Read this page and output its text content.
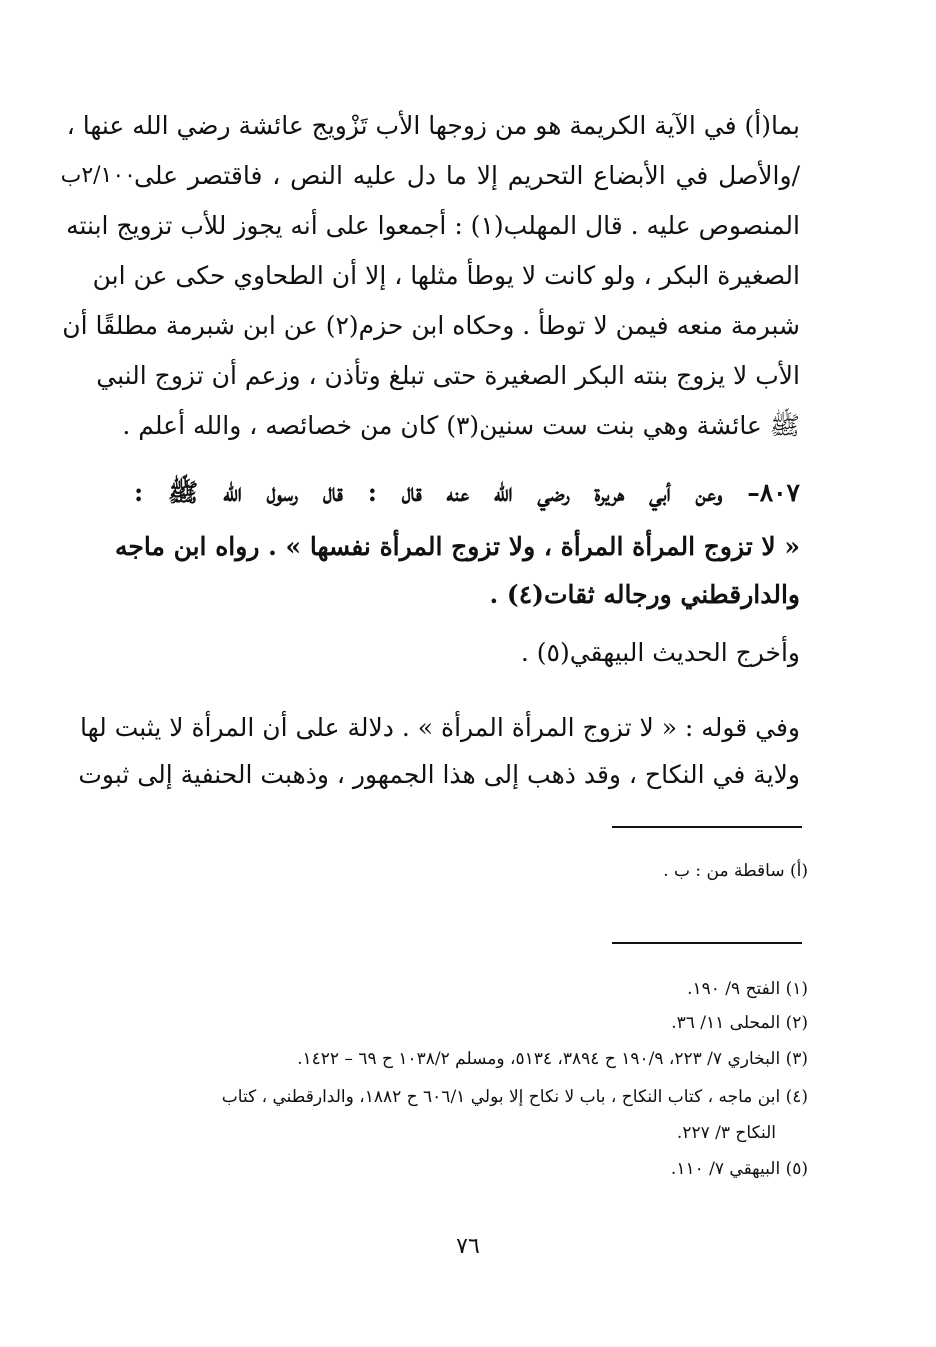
٢/١٠٠ب
بما(أ) في الآية الكريمة هو من زوجها الأب تَزْويج عائشة رضي الله عنها ،
/والأصل في الأبضاع التحريم إلا ما دل عليه النص ، فاقتصر على
المنصوص عليه . قال المهلب(١) : أجمعوا على أنه يجوز للأب تزويج ابنته
الصغيرة البكر ، ولو كانت لا يوطأ مثلها ، إلا أن الطحاوي حكى عن ابن
شبرمة منعه فيمن لا توطأ . وحكاه ابن حزم(٢) عن ابن شبرمة مطلقًا أن
الأب لا يزوج بنته البكر الصغيرة حتى تبلغ وتأذن ، وزعم أن تزوج النبي
ﷺ عائشة وهي بنت ست سنين(٣) كان من خصائصه ، والله أعلم .
٨٠٧– وعن أبي هريرة رضي الله عنه قال : قال رسول الله ﷺ :
« لا تزوج المرأة المرأة ، ولا تزوج المرأة نفسها » . رواه ابن ماجه
والدارقطني ورجاله ثقات(٤) .
وأخرج الحديث البيهقي(٥) .
وفي قوله : « لا تزوج المرأة المرأة » . دلالة على أن المرأة لا يثبت لها
ولاية في النكاح ، وقد ذهب إلى هذا الجمهور ، وذهبت الحنفية إلى ثبوت
(أ) ساقطة من : ب .
(١) الفتح ٩/ ١٩٠.
(٢) المحلى ١١/ ٣٦.
(٣) البخاري ٧/ ٢٢٣، ١٩٠/٩ ح ٣٨٩٤، ٥١٣٤، ومسلم ١٠٣٨/٢ ح ٦٩ – ١٤٢٢.
(٤) ابن ماجه ، كتاب النكاح ، باب لا نكاح إلا بولي ٦٠٦/١ ح ١٨٨٢، والدارقطني ، كتاب
النكاح ٣/ ٢٢٧.
(٥) البيهقي ٧/ ١١٠.
٧٦
